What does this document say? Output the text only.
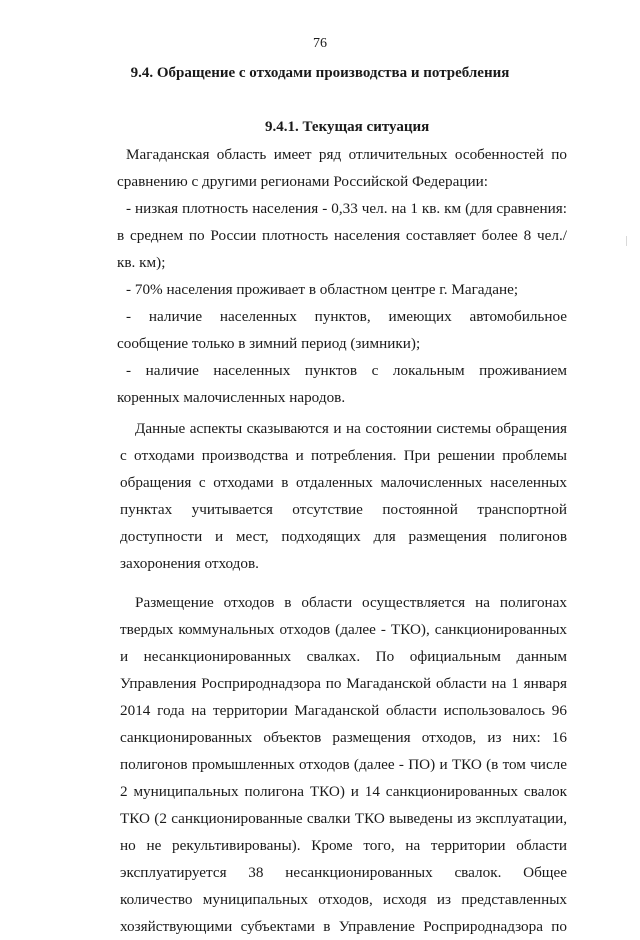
76
9.4. Обращение с отходами производства и потребления
9.4.1. Текущая ситуация

Магаданская область имеет ряд отличительных особенностей по сравнению с другими регионами Российской Федерации:

- низкая плотность населения - 0,33 чел. на 1 кв. км (для сравнения: в среднем по России плотность населения составляет более 8 чел./кв. км);

- 70% населения проживает в областном центре г. Магадане;

- наличие населенных пунктов, имеющих автомобильное сообщение только в зимний период (зимники);

- наличие населенных пунктов с локальным проживанием коренных малочисленных народов.

Данные аспекты сказываются и на состоянии системы обращения с отходами производства и потребления. При решении проблемы обращения с отходами в отдаленных малочисленных населенных пунктах учитывается отсутствие постоянной транспортной доступности и мест, подходящих для размещения полигонов захоронения отходов.

Размещение отходов в области осуществляется на полигонах твердых коммунальных отходов (далее - ТКО), санкционированных и несанкционированных свалках. По официальным данным Управления Росприроднадзора по Магаданской области на 1 января 2014 года на территории Магаданской области использовалось 96 санкционированных объектов размещения отходов, из них: 16 полигонов промышленных отходов (далее - ПО) и ТКО (в том числе 2 муниципальных полигона ТКО) и 14 санкционированных свалок ТКО (2 санкционированные свалки ТКО выведены из эксплуатации, но не рекультивированы). Кроме того, на территории области эксплуатируется 38 несанкционированных свалок. Общее количество муниципальных отходов, исходя из представленных хозяйствующими субъектами в Управление Росприроднадзора по
